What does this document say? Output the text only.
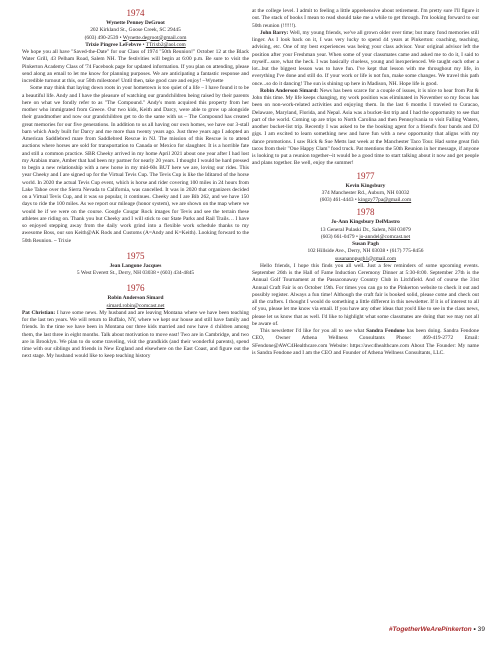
1974
Wynette Penney DeGroot
202 Kirkland St., Goose Creek, SC 29445
(603) 490-2539 • Wynette.degroot@gmail.com
Trixie Pingree LeFebvre • TTrixb2@aol.com

We hope you all have "Saved-the-Date" for our Class of 1974 "50th Reunion!" October 12 at the Black Water Grill, 43 Pelham Road, Salem NH. The festivities will begin at 6:00 p.m. Be sure to visit the Pinkerton Academy Class of '74 Facebook page for updated information. If you plan on attending, please send along an email to let me know for planning purposes. We are anticipating a fantastic response and incredible turnout at this, our 50th milestone! Until then, take good care and enjoy! ~Wynette

Some may think that laying down roots in your hometown is too quiet of a life – I have found it to be a beautiful life. Andy and I have the pleasure of watching our grandchildren being raised by their parents here on what we fondly refer to as "The Compound." Andy's mom acquired this property from her mother who immigrated from Greece. Our two kids, Keith and Darcy, were able to grow up alongside their grandmother and now our grandchildren get to do the same with us – The Compound has created great memories for our five generations. In addition to us all having our own homes, we have our 3-stall barn which Andy built for Darcy and me more than twenty years ago. Just three years ago I adopted an American Saddlebred mare from Saddlebred Rescue in NJ. The mission of this Rescue is to attend auctions where horses are sold for transportation to Canada or Mexico for slaughter. It is a horrible fate and still a common practice. SBR Cheeky arrived in my home April 2021 about one year after I had lost my Arabian mare, Amber that had been my partner for nearly 20 years. I thought I would be hard pressed to begin a new relationship with a new horse in my mid-60s BUT here we are, loving our rides. This year Cheeky and I are signed up for the Virtual Tevis Cup. The Tevis Cup is like the Iditarod of the horse world. In 2020 the actual Tevis Cup event, which is horse and rider covering 100 miles in 24 hours from Lake Tahoe over the Sierra Nevada to California, was cancelled. It was in 2020 that organizers decided on a Virtual Tevis Cup, and it was so popular, it continues. Cheeky and I are Bib 262, and we have 150 days to ride the 100 miles. As we report our mileage (honor system), we are shown on the map where we would be if we were on the course. Google Cougar Rock images for Tevis and see the terrain these athletes are riding on. Thank you but Cheeky and I will stick to our State Parks and Rail Trails… I have so enjoyed stepping away from the daily work grind into a flexible work schedule thanks to my awesome Boss, our son Keith@AK Rods and Customs (A=Andy and K=Keith). Looking forward to the 50th Reunion. ~ Trixie

1975
Jean Langone Jacques
5 West Everett St., Derry, NH 03038 • (603) 434-4845
1976
Robin Anderson Simard
simard.robin@comcast.net

Pat Christian: I have some news. My husband and are leaving Montana where we have been teaching for the last ten years. We will return to Buffalo, NY, where we kept our house and still have family and friends. In the time we have been in Montana our three kids married and now have 4 children among them, the last three in eight months. Talk about motivation to move east! Two are in Cambridge, and two are in Brooklyn. We plan to do some traveling, visit the grandkids (and their wonderful parents), spend time with our siblings and friends in New England and elsewhere on the East Coast, and figure out the next stage. My husband would like to keep teaching history

at the college level. I admit to feeling a little apprehensive about retirement. I'm pretty sure I'll figure it out. The stack of books I mean to read should take me a while to get through. I'm looking forward to our 50th reunion (!!!!!!).

John Barry: Well, my young friends, we've all grown older over time; but many fond memories still linger. As I look back on it, I was very lucky to spend 44 years at Pinkerton: coaching, teaching, advising, etc. One of my best experiences was being your class advisor. Your original advisor left the position after your Freshman year. When some of your classmates came and asked me to do it, I said to myself...sure, what the heck. I was basically clueless, young and inexperienced. We taught each other a lot...but the biggest lesson was to have fun. I've kept that lesson with me throughout my life, in everything I've done and still do. If your work or life is not fun, make some changes. We travel this path once...so do it dancing! The sun is shining up here in Madison, NH. Hope life is good.

Robin Anderson Simard: News has been scarce for a couple of issues, it is nice to hear from Pat & John this time. My life keeps changing, my work position was eliminated in November so my focus has been on non-work-related activities and enjoying them. In the last 6 months I traveled to Curacao, Delaware, Maryland, Florida, and Nepal. Asia was a bucket-list trip and I had the opportunity to see that part of the world. Coming up are trips to North Carolina and then Pennsylvania to visit Falling Waters, another bucket-list trip. Recently I was asked to be the booking agent for a friend's four bands and DJ gigs. I am excited to learn something new and have fun with a new opportunity that aligns with my dance promotions. I saw Rick & Sue Metts last week at the Manchester Taco Tour. Had some great fish tacos from their "One Happy Clam" food truck. Pat mentions the 50th Reunion in her message, if anyone is looking to put a reunion together--it would be a good time to start talking about it now and get people and plans together. Be well, enjoy the summer!

1977
Kevin Kingsbury
374 Manchester Rd., Auburn, NH 03032
(603) 461-4443 • kingzy77pa@gmail.com
1978
Jo-Ann Kingsbury DelMastro
13 General Pulaski Dr., Salem, NH 03079
(603) 661-0479 • jo-anndel@comcast.net
Susan Pagh
102 Hillside Ave., Derry, NH 03038 • (617) 775-8456
susanannpugh1@gmail.com

Hello friends, I hope this finds you all well. Just a few reminders of some upcoming events. September 26th is the Hall of Fame Induction Ceremony Dinner at 5:30-8:00. September 27th is the Annual Golf Tournament at the Passaconaway Country Club in Litchfield. And of course the 31st Annual Craft Fair is on October 19th. For times you can go to the Pinkerton website to check it out and possibly register. Always a fun time! Although the craft fair is booked solid, please come and check out all the crafters. I thought I would do something a little different in this newsletter. If it is of interest to all of you, please let me know via email. If you have any other ideas that you'd like to see in the class news, please let us know that as well. I'd like to highlight what some classmates are doing that we may not all be aware of.

This newsletter I'd like for you all to see what Sandra Fendone has been doing. Sandra Fendone CEO, Owner Athena Wellness Consultants Phone: 469-419-2772 Email: SFendone@AWC4Healthcare.com Website: https://awc4healthcare.com About The Founder: My name is Sandra Fendone and I am the CEO and Founder of Athena Wellness Consultants, LLC.

#TogetherWeArePinkerton • 39
